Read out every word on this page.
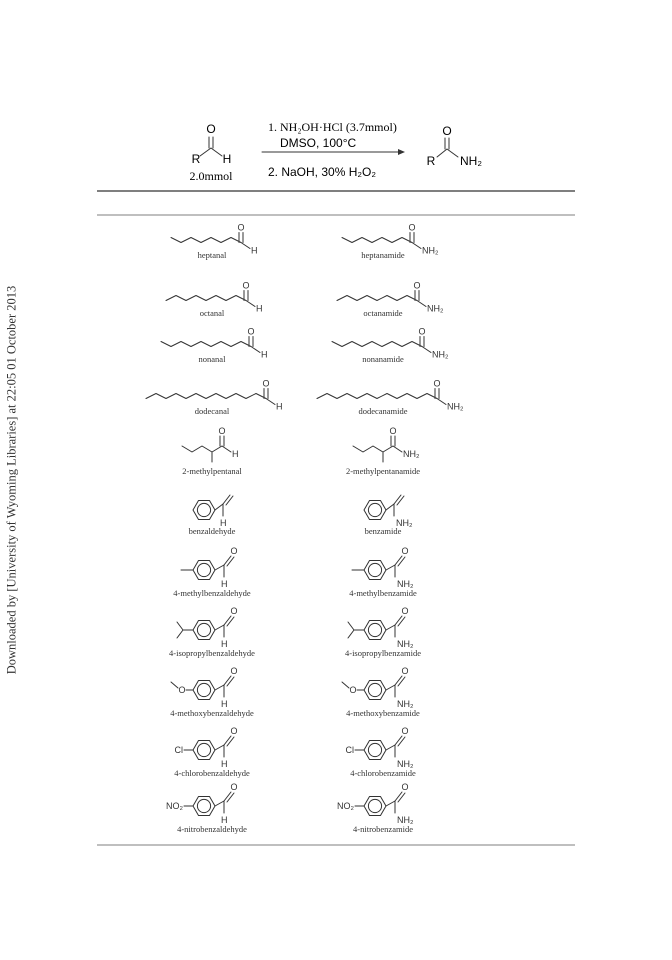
Downloaded by [University of Wyoming Libraries] at 22:05 01 October 2013
O
R H
2.0mmol
1. NH₂OH·HCl (3.7mmol)
DMSO, 100°C
2. NaOH, 30% H₂O₂
O
R NH₂
O
H
heptanal
O
NH₂
heptanamide
O
H
octanal
O
NH₂
octanamide
O
H
nonanal
O
NH₂
nonanamide
O
H
dodecanal
O
NH₂
dodecanamide
O
H
2-methylpentanal
O
NH₂
2-methylpentanamide
H
benzaldehyde
NH₂
benzamide
O
H
4-methylbenzaldehyde
O
NH₂
4-methylbenzamide
O
H
4-isopropylbenzaldehyde
O
NH₂
4-isopropylbenzamide
O
H
O
4-methoxybenzaldehyde
O
NH₂
O
4-methoxybenzamide
O
H
Cl
4-chlorobenzaldehyde
O
NH₂
Cl
4-chlorobenzamide
O
H
NO₂
4-nitrobenzaldehyde
O
NH₂
NO₂
4-nitrobenzamide
